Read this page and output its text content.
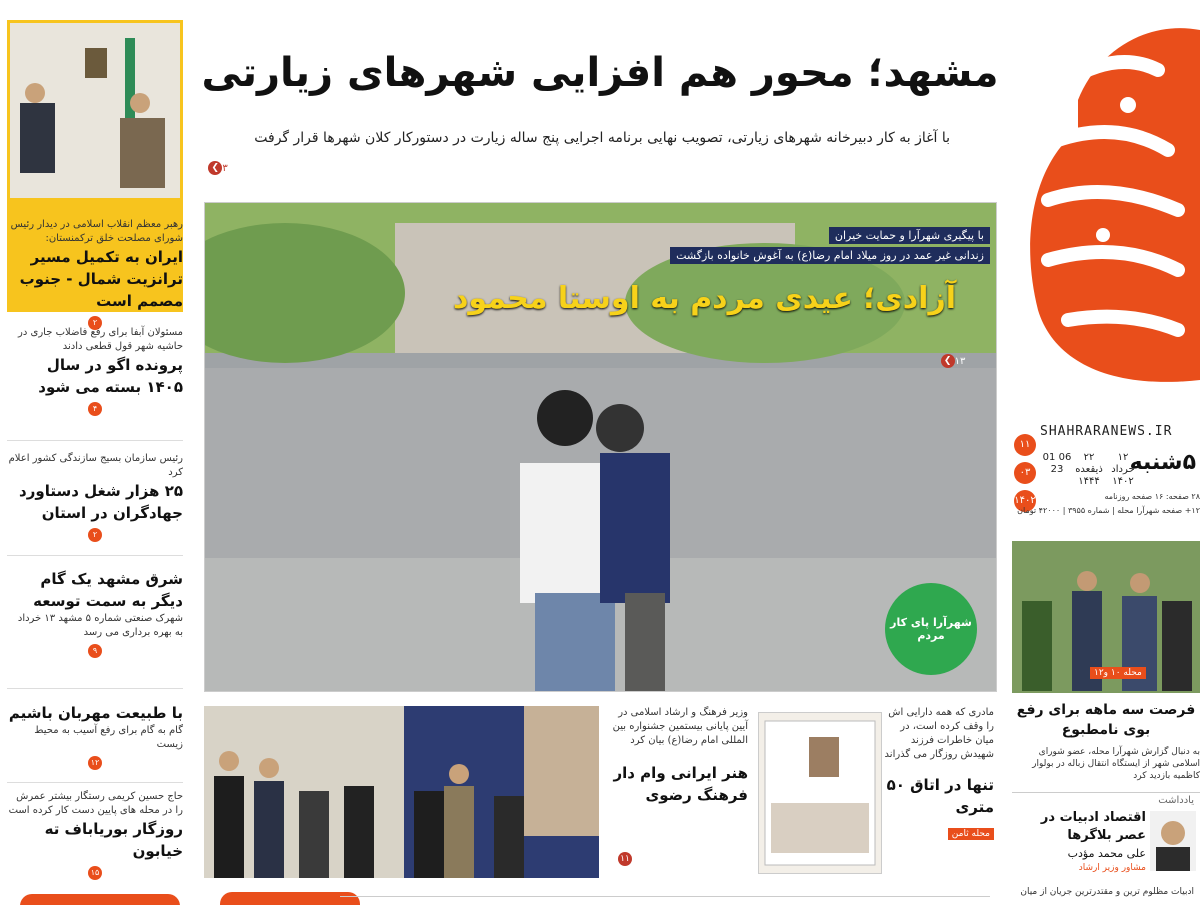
SHAHRARANEWS.IR
۱۱
۰۳
۱۴۰۲
۵شنبه
۱۲ خرداد ۱۴۰۲
۲۲ ذیقعده ۱۴۴۴
01 06 23
۲۸ صفحه: ۱۶ صفحه روزنامه
۱۲+ صفحه شهرآرا محله | شماره ۳۹۵۵ | ۴۲۰۰۰ تومان
مشهد؛ محور هم افزایی شهرهای زیارتی
با آغاز به کار دبیرخانه شهرهای زیارتی، تصویب نهایی برنامه اجرایی پنج ساله زیارت در دستورکار کلان شهرها قرار گرفت
❮ ۳
با پیگیری شهرآرا و حمایت خیران
زندانی غیر عمد در روز میلاد امام رضا(ع) به آغوش خانواده بازگشت
آزادی؛ عیدی مردم به اوستا محمود
❮ ۱۳
شهرآرا پای کار مردم
رهبر معظم انقلاب اسلامی در دیدار رئیس شورای مصلحت خلق ترکمنستان:
ایران به تکمیل مسیر ترانزیت شمال - جنوب مصمم است
۲
مسئولان آبفا برای رفع فاضلاب جاری در حاشیه شهر قول قطعی دادند
پرونده اگو در سال ۱۴۰۵ بسته می شود
۴
رئیس سازمان بسیج سازندگی کشور اعلام کرد
۲۵ هزار شغل دستاورد جهادگران در استان
۲
شرق مشهد یک گام دیگر به سمت توسعه
شهرک صنعتی شماره ۵ مشهد ۱۳ خرداد به بهره برداری می رسد
۹
با طبیعت مهربان باشیم
گام به گام برای رفع آسیب به محیط زیست
۱۲
حاج حسین کریمی رستگار بیشتر عمرش را در محله های پایین دست کار کرده است
روزگار بوریاباف ته خیابون
۱۵
محله ۱۰ و۱۲
فرصت سه ماهه برای رفع بوی نامطبوع
به دنبال گزارش شهرآرا محله، عضو شورای اسلامی شهر از ایستگاه انتقال زباله در بولوار کاظمیه بازدید کرد
یادداشت
اقتصاد ادبیات در عصر بلاگرها
علی محمد مؤدب
مشاور وزیر ارشاد
ادبیات مظلوم ترین و مقتدرترین جریان از میان
وزیر فرهنگ و ارشاد اسلامی در آیین پایانی بیستمین جشنواره بین المللی امام رضا(ع) بیان کرد
هنر ایرانی وام دار فرهنگ رضوی
۱۱
مادری که همه دارایی اش را وقف کرده است، در میان خاطرات فرزند شهیدش روزگار می گذراند
تنها در اتاق ۵۰ متری
محله ثامن
